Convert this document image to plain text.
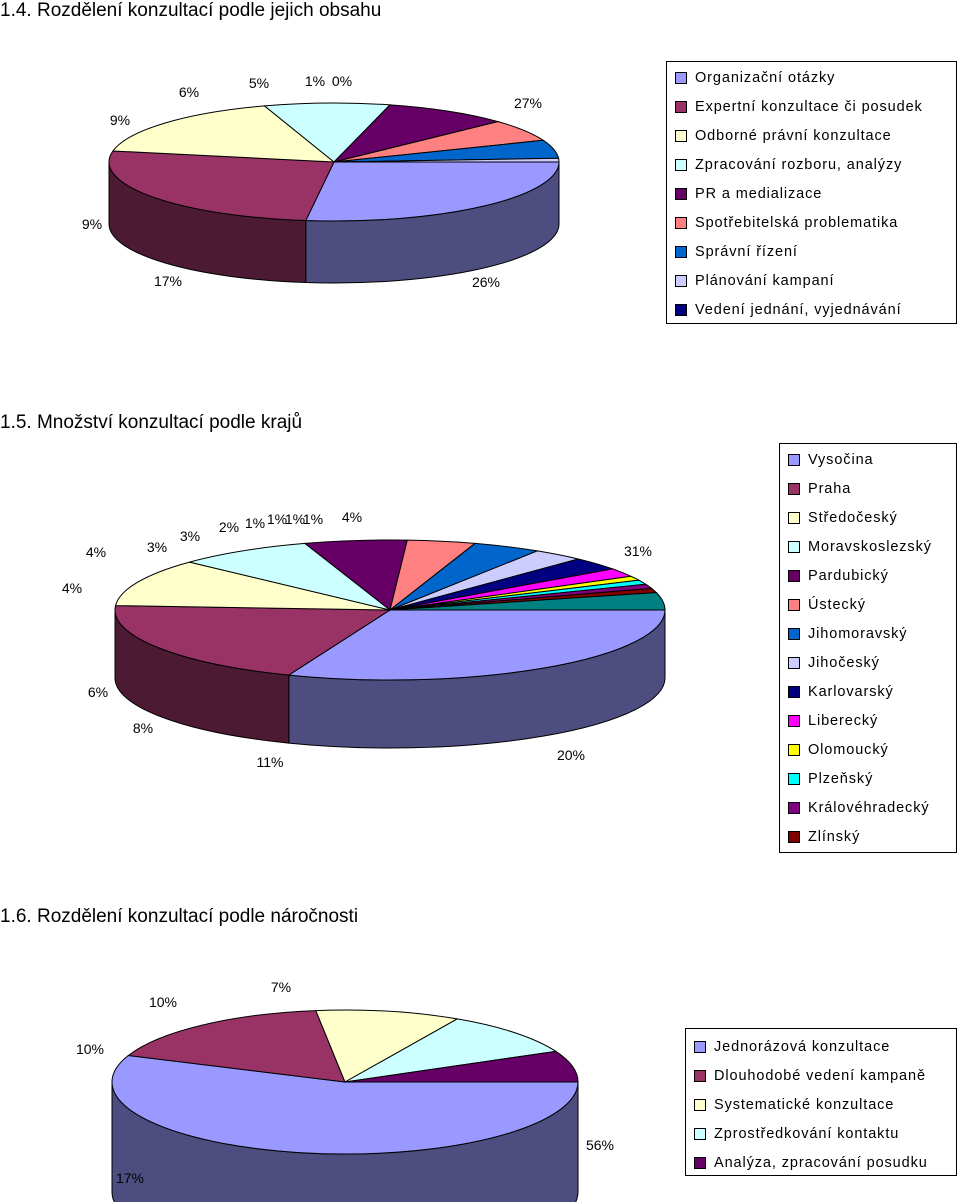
1.4. Rozdělení konzultací podle jejich obsahu
27%
26%
17%
9%
9%
6%
5%	1% 0%	Organizační otázky
Expertní konzultace či posudek
Odborné právní konzultace
Zpracování rozboru, analýzy
PR a medializace
Spotřebitelská problematika
Správní řízení
Plánování kampaní
Vedení jednání, vyjednávání
1.5. Množství konzultací podle krajů
31%
20%
11%
8%
6%
4%
4%	3%
3%
2% 1% 1%
1%
1% 4%
Vysočina
Praha
Středočeský
Moravskoslezský
Pardubický
Ústecký
Jihomoravský
Jihočeský
Karlovarský
Liberecký
Olomoucký
Plzeňský
Královéhradecký
Zlínský
1.6. Rozdělení konzultací podle náročnosti
56%
17%
10%
10%
7%
Jednorázová konzultace
Dlouhodobé vedení kampaně
Systematické konzultace
Zprostředkování kontaktu
Analýza, zpracování posudku
